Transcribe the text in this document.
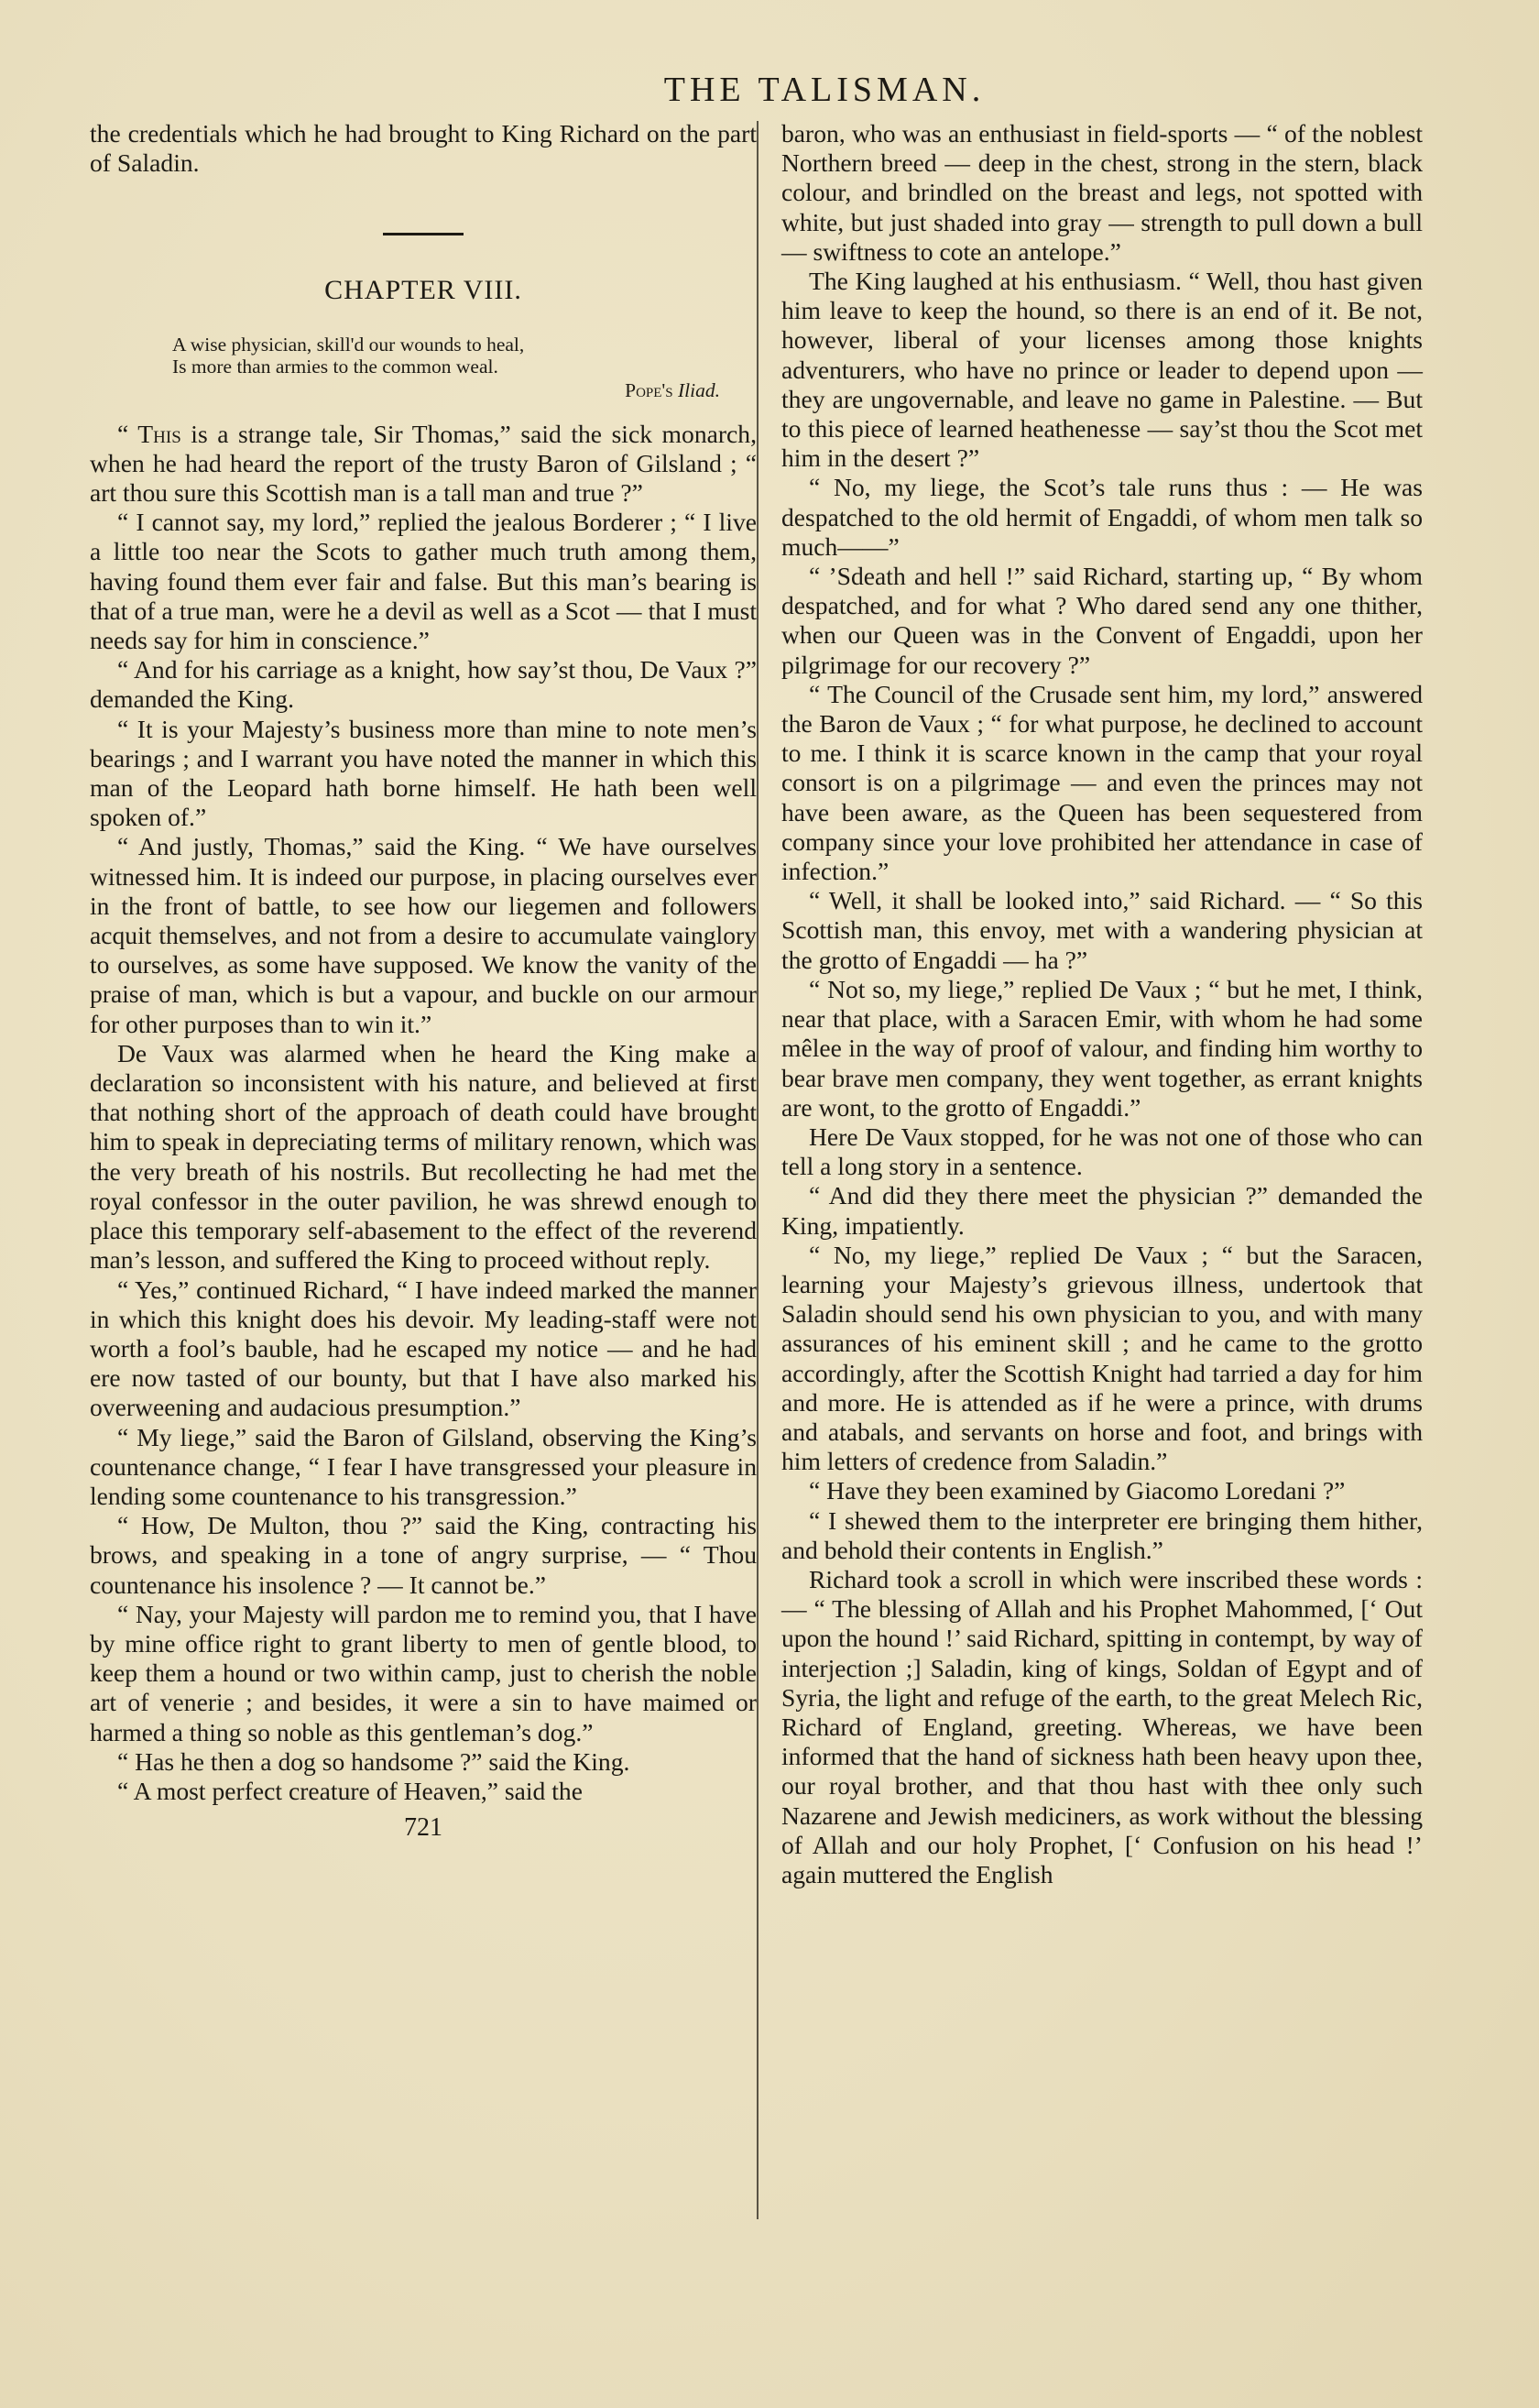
THE TALISMAN.

the credentials which he had brought to King Richard on the part of Saladin.

CHAPTER VIII.
A wise physician, skill'd our wounds to heal,
Is more than armies to the common weal.
Pope's Iliad.

“ This is a strange tale, Sir Thomas,” said the sick monarch, when he had heard the report of the trusty Baron of Gilsland ; “ art thou sure this Scottish man is a tall man and true ?”

“ I cannot say, my lord,” replied the jealous Borderer ; “ I live a little too near the Scots to gather much truth among them, having found them ever fair and false. But this man’s bearing is that of a true man, were he a devil as well as a Scot — that I must needs say for him in conscience.”

“ And for his carriage as a knight, how say’st thou, De Vaux ?” demanded the King.

“ It is your Majesty’s business more than mine to note men’s bearings ; and I warrant you have noted the manner in which this man of the Leopard hath borne himself. He hath been well spoken of.”

“ And justly, Thomas,” said the King. “ We have ourselves witnessed him. It is indeed our purpose, in placing ourselves ever in the front of battle, to see how our liegemen and followers acquit themselves, and not from a desire to accumulate vainglory to ourselves, as some have supposed. We know the vanity of the praise of man, which is but a vapour, and buckle on our armour for other purposes than to win it.”

De Vaux was alarmed when he heard the King make a declaration so inconsistent with his nature, and believed at first that nothing short of the approach of death could have brought him to speak in depreciating terms of military renown, which was the very breath of his nostrils. But recollecting he had met the royal confessor in the outer pavilion, he was shrewd enough to place this temporary self-abasement to the effect of the reverend man’s lesson, and suffered the King to proceed without reply.

“ Yes,” continued Richard, “ I have indeed marked the manner in which this knight does his devoir. My leading-staff were not worth a fool’s bauble, had he escaped my notice — and he had ere now tasted of our bounty, but that I have also marked his overweening and audacious presumption.”

“ My liege,” said the Baron of Gilsland, observing the King’s countenance change, “ I fear I have transgressed your pleasure in lending some countenance to his transgression.”

“ How, De Multon, thou ?” said the King, contracting his brows, and speaking in a tone of angry surprise, — “ Thou countenance his insolence ? — It cannot be.”

“ Nay, your Majesty will pardon me to remind you, that I have by mine office right to grant liberty to men of gentle blood, to keep them a hound or two within camp, just to cherish the noble art of venerie ; and besides, it were a sin to have maimed or harmed a thing so noble as this gentleman’s dog.”

“ Has he then a dog so handsome ?” said the King.

“ A most perfect creature of Heaven,” said the

721

baron, who was an enthusiast in field-sports — “ of the noblest Northern breed — deep in the chest, strong in the stern, black colour, and brindled on the breast and legs, not spotted with white, but just shaded into gray — strength to pull down a bull — swiftness to cote an antelope.”

The King laughed at his enthusiasm. “ Well, thou hast given him leave to keep the hound, so there is an end of it. Be not, however, liberal of your licenses among those knights adventurers, who have no prince or leader to depend upon — they are ungovernable, and leave no game in Palestine. — But to this piece of learned heathenesse — say’st thou the Scot met him in the desert ?”

“ No, my liege, the Scot’s tale runs thus : — He was despatched to the old hermit of Engaddi, of whom men talk so much——”

“ ’Sdeath and hell !” said Richard, starting up, “ By whom despatched, and for what ? Who dared send any one thither, when our Queen was in the Convent of Engaddi, upon her pilgrimage for our recovery ?”

“ The Council of the Crusade sent him, my lord,” answered the Baron de Vaux ; “ for what purpose, he declined to account to me. I think it is scarce known in the camp that your royal consort is on a pilgrimage — and even the princes may not have been aware, as the Queen has been sequestered from company since your love prohibited her attendance in case of infection.”

“ Well, it shall be looked into,” said Richard. — “ So this Scottish man, this envoy, met with a wandering physician at the grotto of Engaddi — ha ?”

“ Not so, my liege,” replied De Vaux ; “ but he met, I think, near that place, with a Saracen Emir, with whom he had some mêlee in the way of proof of valour, and finding him worthy to bear brave men company, they went together, as errant knights are wont, to the grotto of Engaddi.”

Here De Vaux stopped, for he was not one of those who can tell a long story in a sentence.

“ And did they there meet the physician ?” demanded the King, impatiently.

“ No, my liege,” replied De Vaux ; “ but the Saracen, learning your Majesty’s grievous illness, undertook that Saladin should send his own physician to you, and with many assurances of his eminent skill ; and he came to the grotto accordingly, after the Scottish Knight had tarried a day for him and more. He is attended as if he were a prince, with drums and atabals, and servants on horse and foot, and brings with him letters of credence from Saladin.”

“ Have they been examined by Giacomo Loredani ?”

“ I shewed them to the interpreter ere bringing them hither, and behold their contents in English.”

Richard took a scroll in which were inscribed these words : — “ The blessing of Allah and his Prophet Mahommed, [‘ Out upon the hound !’ said Richard, spitting in contempt, by way of interjection ;] Saladin, king of kings, Soldan of Egypt and of Syria, the light and refuge of the earth, to the great Melech Ric, Richard of England, greeting. Whereas, we have been informed that the hand of sickness hath been heavy upon thee, our royal brother, and that thou hast with thee only such Nazarene and Jewish mediciners, as work without the blessing of Allah and our holy Prophet, [‘ Confusion on his head !’ again muttered the English
